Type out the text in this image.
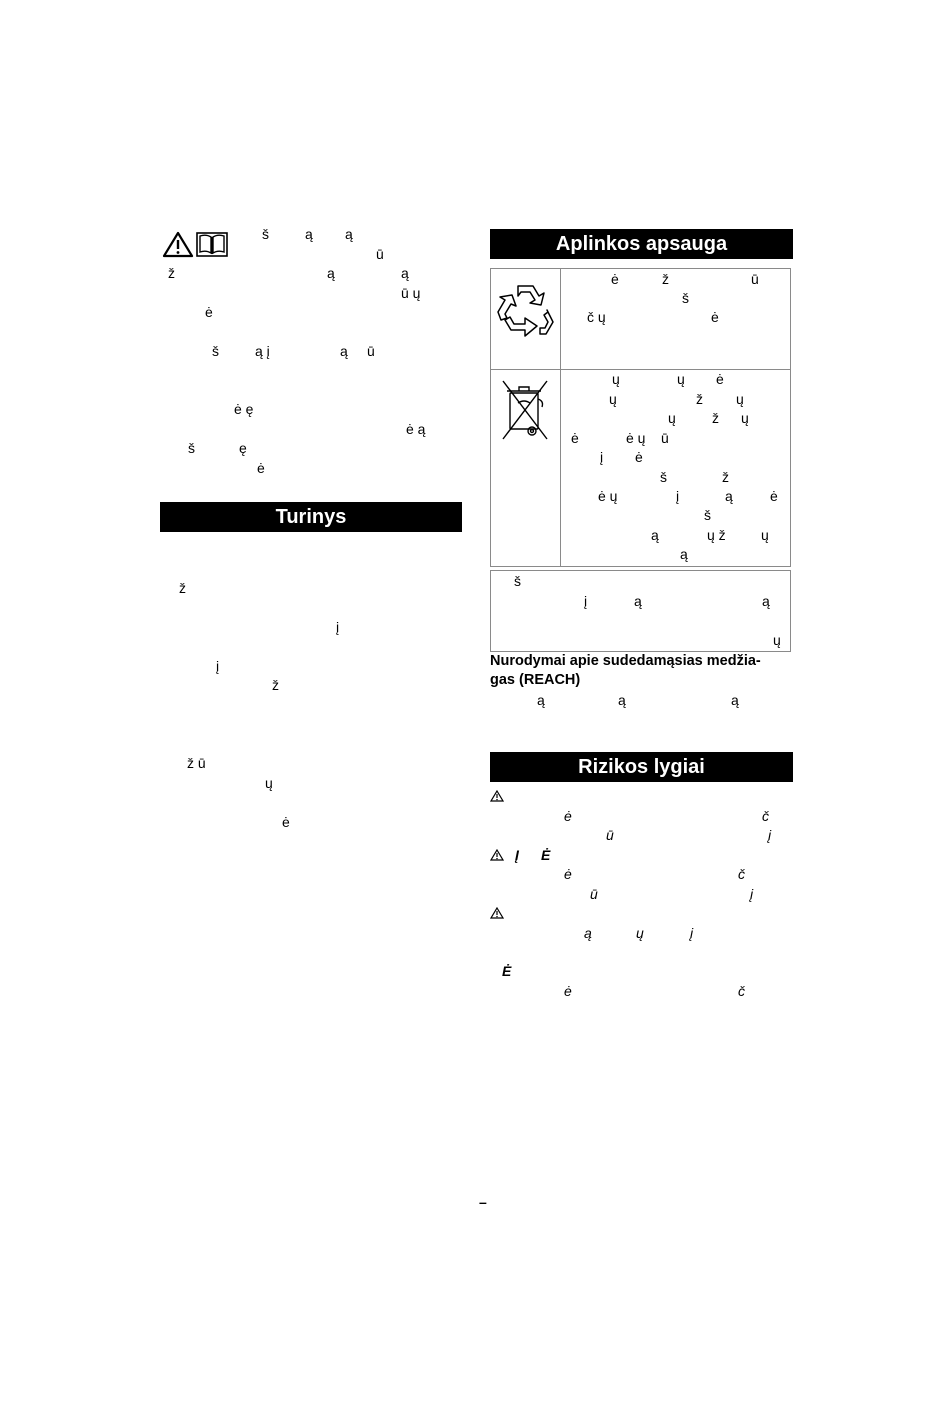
š	ą ą
ū
ž	ą	ą
ū ų
ė
š	ą į	ą ū
ė ę
ė ą
š	ę
ė
Turinys
ž
į
į
ž
ž ū
ų
ė
Aplinkos apsauga
ė	ž	ū
š
č ų	ė
ų	ų ė
ų	ž ų
ų	ž ų
ė	ė ų ū
į ė
š	ž
ė ų	į	ą	ė
š
ą	ų ž	ų
ą
š
į	ą	ą
ų
Nurodymai apie sudedamąsias medžia-
gas (REACH)
ą	ą	ą
Rizikos lygiai
ė	č
ū	į
Į Ė
ė	č
ū	į
ą	ų	į
Ė
ė	č
–
